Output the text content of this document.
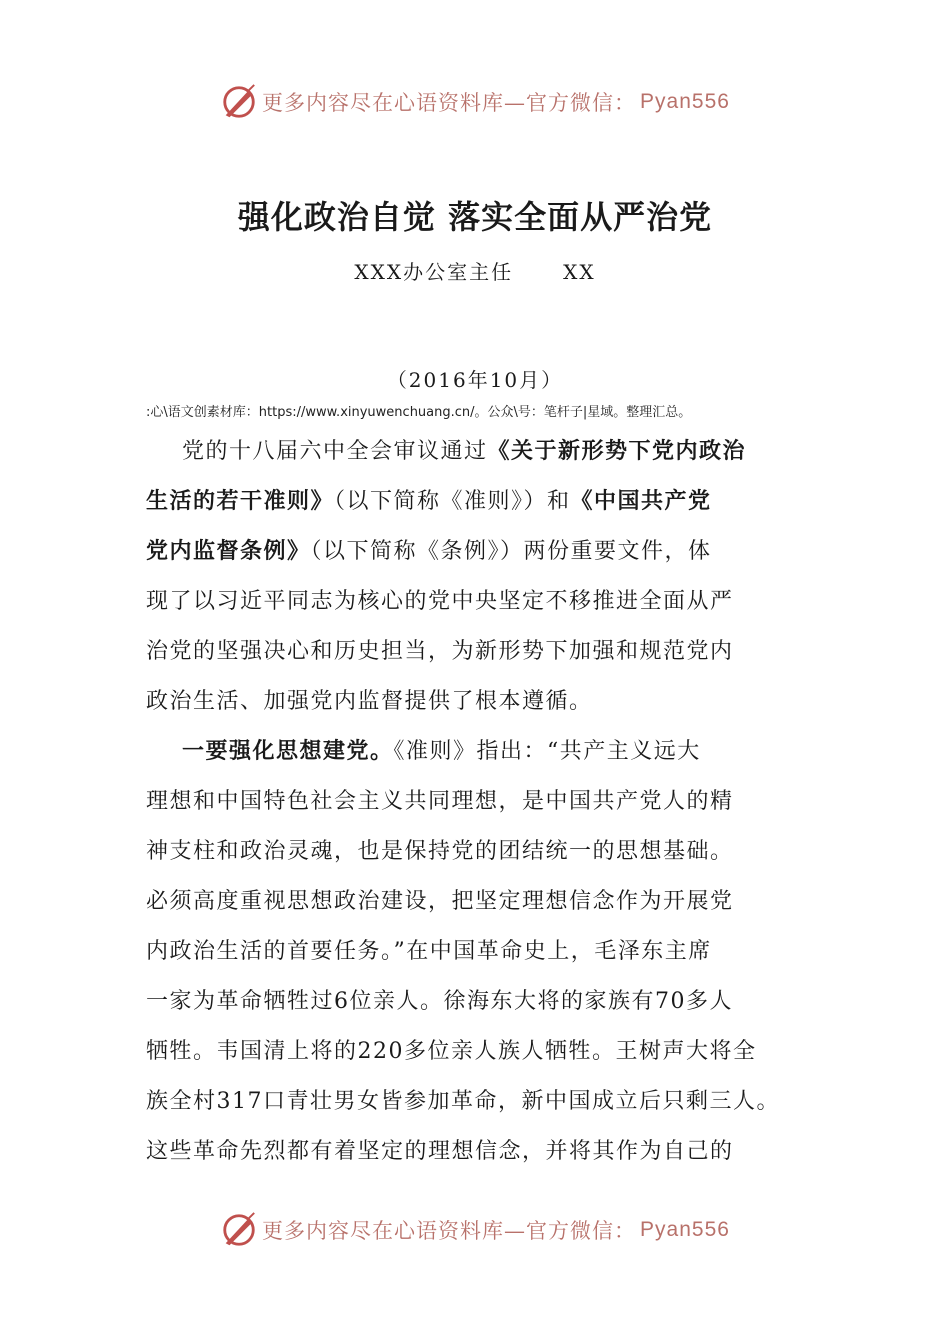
更多内容尽在心语资料库—官方微信： Pyan556
强化政治自觉 落实全面从严治党
XXX办公室主任	XX
（2016年10月）
:心\语文创素材库：https://www.xinyuwenchuang.cn/。公众\号：笔杆子|星域。整理汇总。
党的十八届六中全会审议通过《关于新形势下党内政治
生活的若干准则》（以下简称《准则》）和《中国共产党
党内监督条例》（以下简称《条例》）两份重要文件，体
现了以习近平同志为核心的党中央坚定不移推进全面从严
治党的坚强决心和历史担当，为新形势下加强和规范党内
政治生活、加强党内监督提供了根本遵循。
一要强化思想建党。《准则》指出：“共产主义远大
理想和中国特色社会主义共同理想，是中国共产党人的精
神支柱和政治灵魂，也是保持党的团结统一的思想基础。
必须高度重视思想政治建设，把坚定理想信念作为开展党
内政治生活的首要任务。”在中国革命史上，毛泽东主席
一家为革命牺牲过6位亲人。徐海东大将的家族有70多人
牺牲。韦国清上将的220多位亲人族人牺牲。王树声大将全
族全村317口青壮男女皆参加革命，新中国成立后只剩三人。
这些革命先烈都有着坚定的理想信念，并将其作为自己的
更多内容尽在心语资料库—官方微信： Pyan556
